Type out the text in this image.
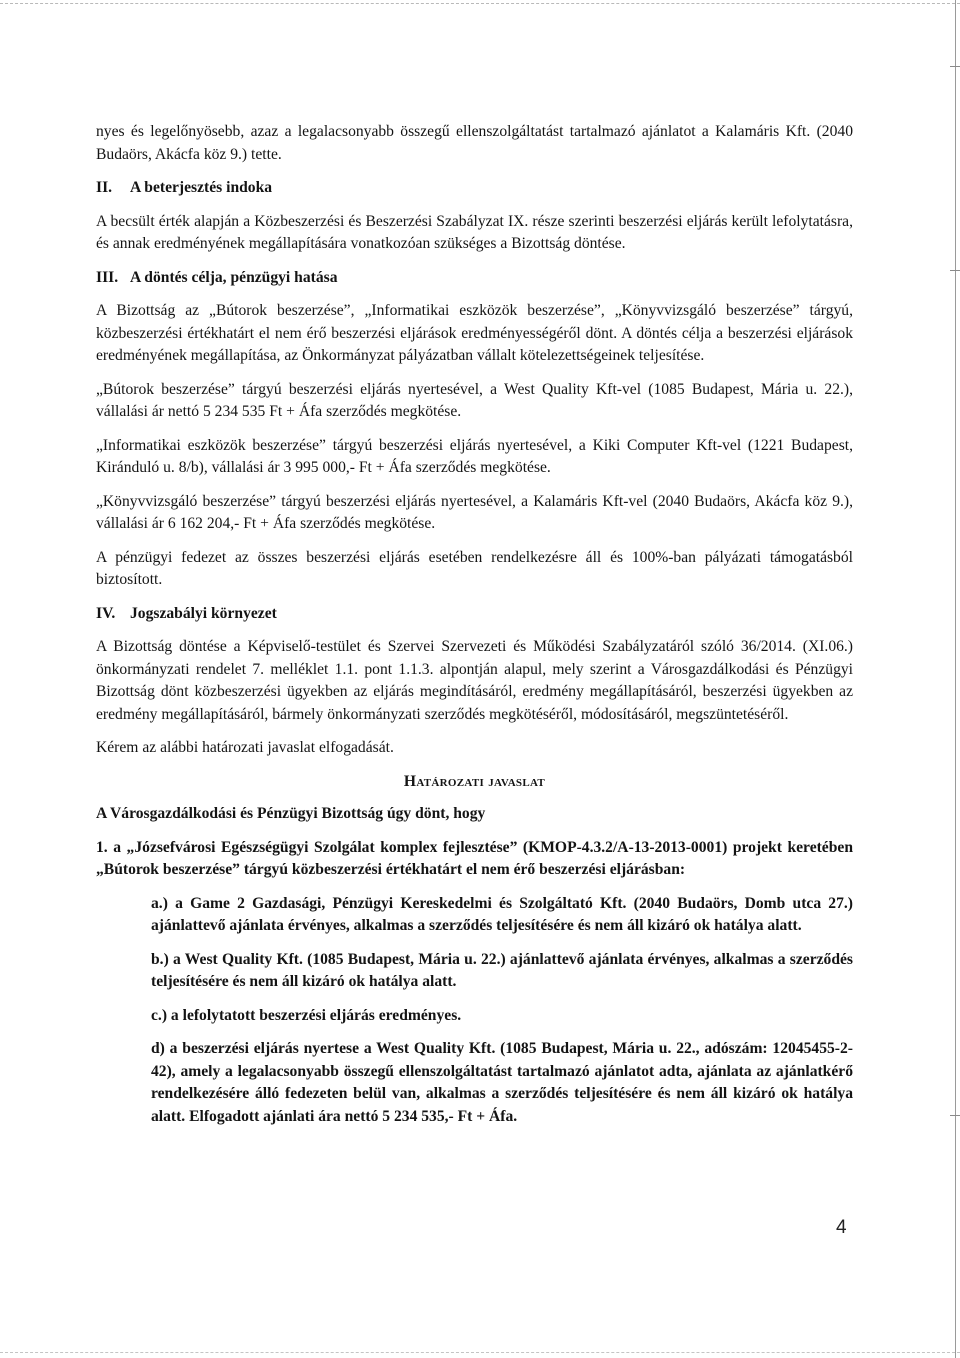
nyes és legelőnyösebb, azaz a legalacsonyabb összegű ellenszolgáltatást tartalmazó ajánlatot a Kalamáris Kft. (2040 Budaörs, Akácfa köz 9.) tette.

II. A beterjesztés indoka

A becsült érték alapján a Közbeszerzési és Beszerzési Szabályzat IX. része szerinti beszerzési eljárás került lefolytatásra, és annak eredményének megállapítására vonatkozóan szükséges a Bizottság döntése.

III. A döntés célja, pénzügyi hatása

A Bizottság az „Bútorok beszerzése”, „Informatikai eszközök beszerzése”, „Könyvvizsgáló beszerzése” tárgyú, közbeszerzési értékhatárt el nem érő beszerzési eljárások eredményességéről dönt. A döntés célja a beszerzési eljárások eredményének megállapítása, az Önkormányzat pályázatban vállalt kötelezettségeinek teljesítése.

„Bútorok beszerzése” tárgyú beszerzési eljárás nyertesével, a West Quality Kft-vel (1085 Budapest, Mária u. 22.), vállalási ár nettó 5 234 535 Ft + Áfa szerződés megkötése.

„Informatikai eszközök beszerzése” tárgyú beszerzési eljárás nyertesével, a Kiki Computer Kft-vel (1221 Budapest, Kiránduló u. 8/b), vállalási ár 3 995 000,- Ft + Áfa szerződés megkötése.

„Könyvvizsgáló beszerzése” tárgyú beszerzési eljárás nyertesével, a Kalamáris Kft-vel (2040 Budaörs, Akácfa köz 9.), vállalási ár 6 162 204,- Ft + Áfa szerződés megkötése.

A pénzügyi fedezet az összes beszerzési eljárás esetében rendelkezésre áll és 100%-ban pályázati támogatásból biztosított.

IV. Jogszabályi környezet

A Bizottság döntése a Képviselő-testület és Szervei Szervezeti és Működési Szabályzatáról szóló 36/2014. (XI.06.) önkormányzati rendelet 7. melléklet 1.1. pont 1.1.3. alpontján alapul, mely szerint a Városgazdálkodási és Pénzügyi Bizottság dönt közbeszerzési ügyekben az eljárás megindításáról, eredmény megállapításáról, beszerzési ügyekben az eredmény megállapításáról, bármely önkormányzati szerződés megkötéséről, módosításáról, megszüntetéséről.

Kérem az alábbi határozati javaslat elfogadását.

Határozati javaslat

A Városgazdálkodási és Pénzügyi Bizottság úgy dönt, hogy

1. a „Józsefvárosi Egészségügyi Szolgálat komplex fejlesztése” (KMOP-4.3.2/A-13-2013-0001) projekt keretében „Bútorok beszerzése” tárgyú közbeszerzési értékhatárt el nem érő beszerzési eljárásban:

a.) a Game 2 Gazdasági, Pénzügyi Kereskedelmi és Szolgáltató Kft. (2040 Budaörs, Domb utca 27.) ajánlattevő ajánlata érvényes, alkalmas a szerződés teljesítésére és nem áll kizáró ok hatálya alatt.

b.) a West Quality Kft. (1085 Budapest, Mária u. 22.) ajánlattevő ajánlata érvényes, alkalmas a szerződés teljesítésére és nem áll kizáró ok hatálya alatt.

c.) a lefolytatott beszerzési eljárás eredményes.

d) a beszerzési eljárás nyertese a West Quality Kft. (1085 Budapest, Mária u. 22., adószám: 12045455-2-42), amely a legalacsonyabb összegű ellenszolgáltatást tartalmazó ajánlatot adta, ajánlata az ajánlatkérő rendelkezésére álló fedezeten belül van, alkalmas a szerződés teljesítésére és nem áll kizáró ok hatálya alatt. Elfogadott ajánlati ára nettó 5 234 535,- Ft + Áfa.

4
